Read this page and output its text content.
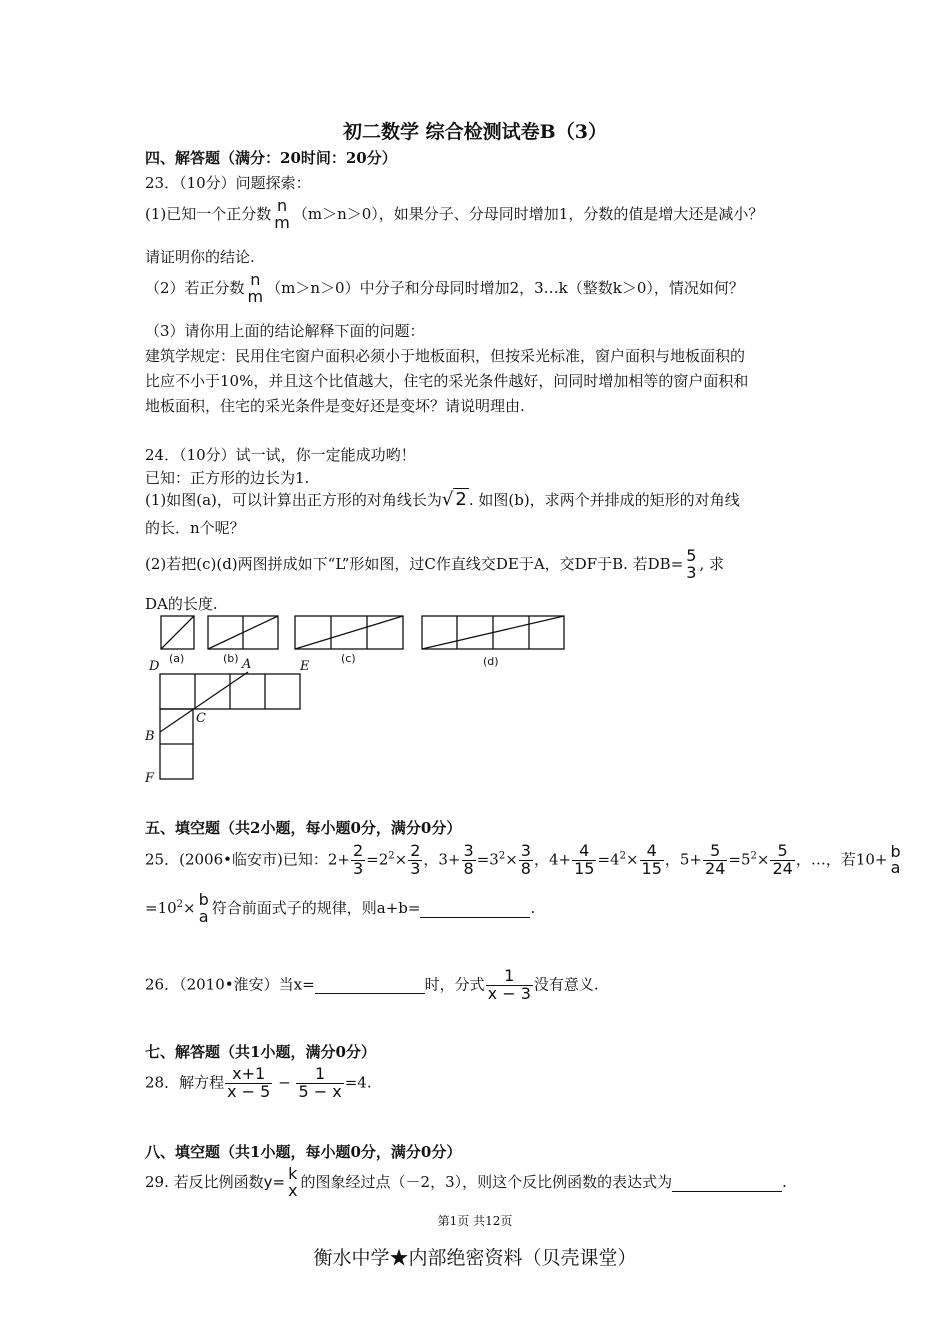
初二数学 综合检测试卷B（3）
四、解答题（满分：20时间：20分）
23．（10分）问题探索：
(1)已知一个正分数 n
m （m＞n＞0），如果分子、分母同时增加1，分数的值是增大还是减小？
请证明你的结论.
（2）若正分数 n
m （m＞n＞0）中分子和分母同时增加2，3…k（整数k＞0），情况如何？
（3）请你用上面的结论解释下面的问题：
建筑学规定：民用住宅窗户面积必须小于地板面积，但按采光标准，窗户面积与地板面积的
比应不小于10%，并且这个比值越大，住宅的采光条件越好，问同时增加相等的窗户面积和
地板面积，住宅的采光条件是变好还是变坏？请说明理由.
24．（10分）试一试，你一定能成功哟！
已知：正方形的边长为1.
(1)如图(a)，可以计算出正方形的对角线长为√ 2 . 如图(b)，求两个并排成的矩形的对角线
的长．n个呢？
(2)若把(c)(d)两图拼成如下“L”形如图，过C作直线交DE于A，交DF于B. 若DB= 5
3 , 求
DA的长度.
(a)	(b)	(c)	(d)
D	A	E
C
B
F
五、填空题（共2小题，每小题0分，满分0分）
25．(2006•临安市)已知：$2+ \frac{2}{3} =2^2\times \frac{2}{3}$ ，$3+ \frac{3}{8} =3^2\times \frac{3}{8}$ ，$4+ \frac{4}{15} =4^2\times \frac{4}{15}$ ，$5+ \frac{5}{24} =5^2\times \frac{5}{24}$ ，…，若10+ b
a
$=10^2\times b$
a 符合前面式子的规律，则a+b=	.
26．（2010•淮安）当x=	时，分式 $\frac{1}{x - 3}$ 没有意义.
七、解答题（共1小题，满分0分）
28．解方程 $\frac{x+1}{x - 5} - \frac{1}{5 - x} =4$.
八、填空题（共1小题，每小题0分，满分0分）
29. 若反比例函数y= k
x 的图象经过点（－2，3），则这个反比例函数的表达式为	.
第1页 共12页
衡水中学★内部绝密资料（贝壳课堂）
